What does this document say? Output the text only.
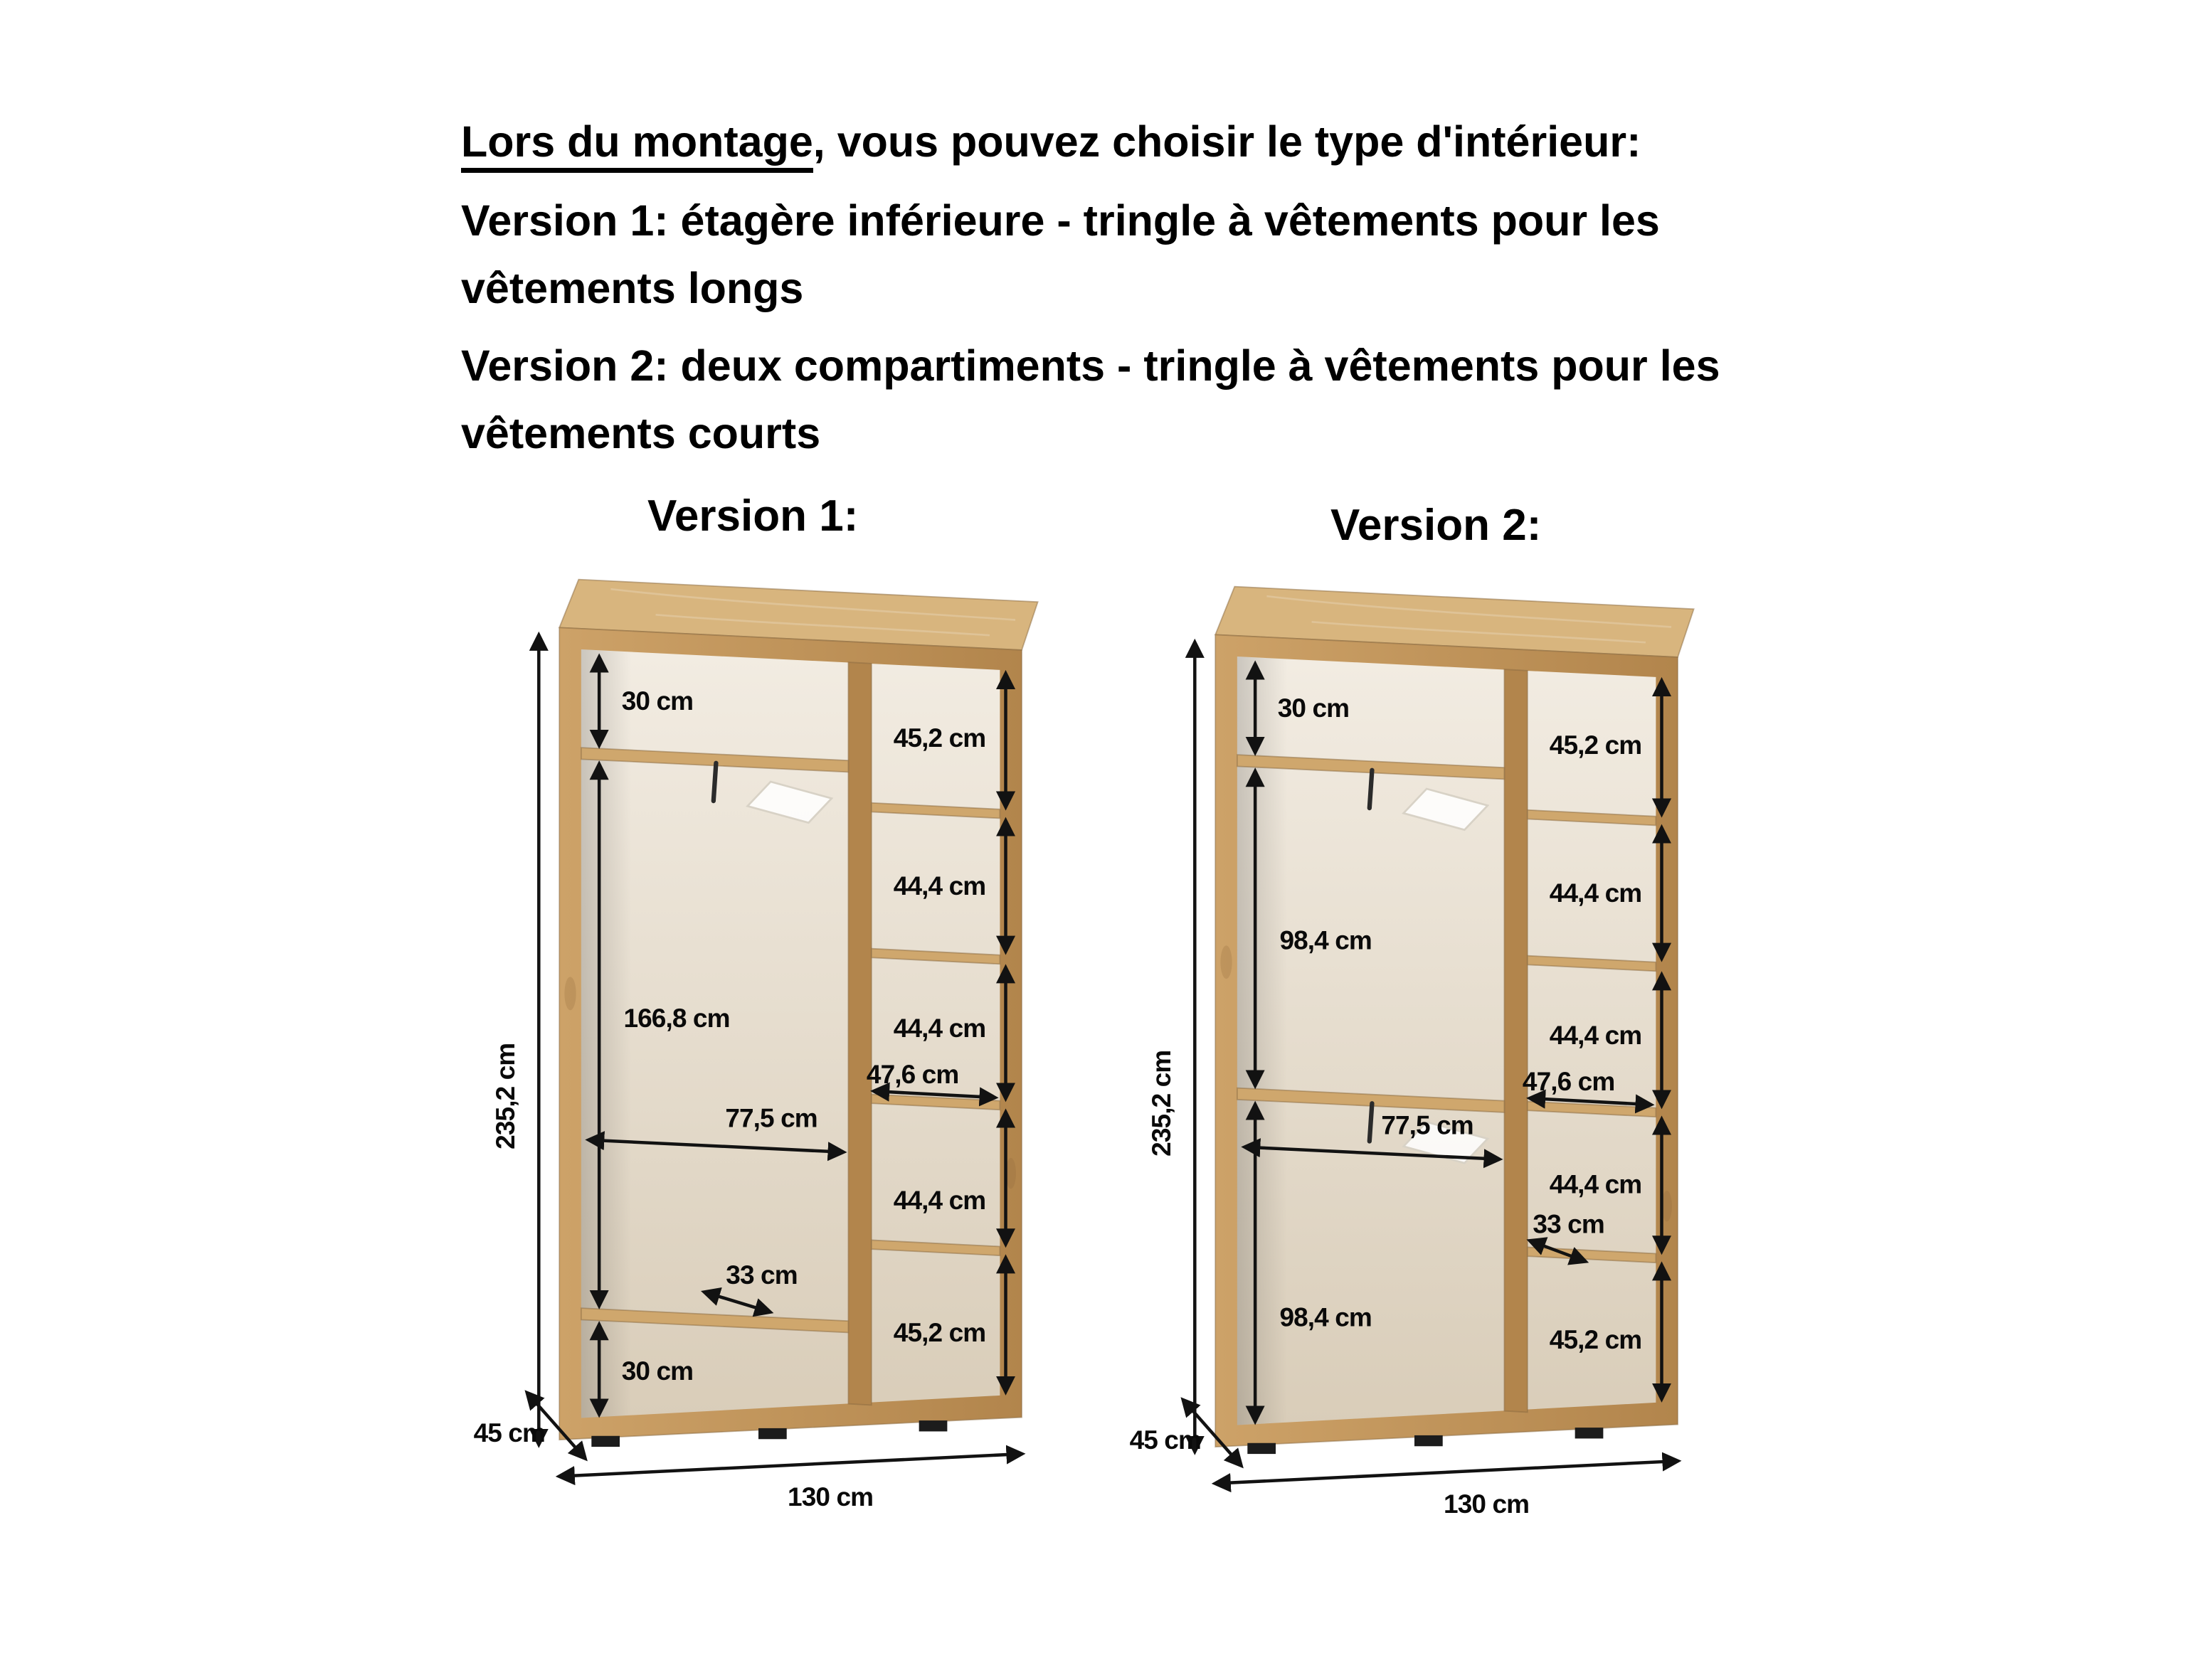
Lors du montage, vous pouvez choisir le type d'intérieur:

Version 1: étagère inférieure - tringle à vêtements pour les vêtements longs

Version 2: deux compartiments - tringle à vêtements pour les vêtements courts

Version 1:	Version 2:
235,2 cm
45 cm
130 cm
30 cm
166,8 cm
30 cm
77,5 cm
47,6 cm
45,2 cm
44,4 cm
44,4 cm
44,4 cm
45,2 cm
33 cm
235,2 cm
45 cm
130 cm
30 cm
98,4 cm
98,4 cm
77,5 cm
47,6 cm
45,2 cm
44,4 cm
44,4 cm
44,4 cm
45,2 cm
33 cm
